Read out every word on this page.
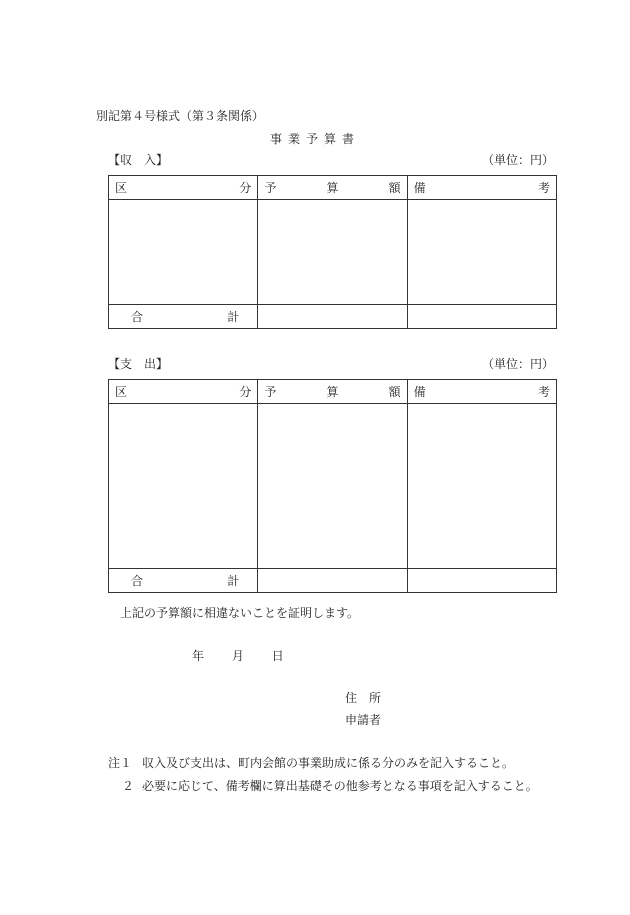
別記第４号様式（第３条関係）
事業予算書
【収　入】	（単位：円）
区 分	予 算 額	備 考

合 計		

【支　出】	（単位：円）
区 分	予 算 額	備 考

合 計		

上記の予算額に相違ないことを証明します。
年 月 日
住 所
申請者
注１ 収入及び支出は、町内会館の事業助成に係る分のみを記入すること。
２ 必要に応じて、備考欄に算出基礎その他参考となる事項を記入すること。
